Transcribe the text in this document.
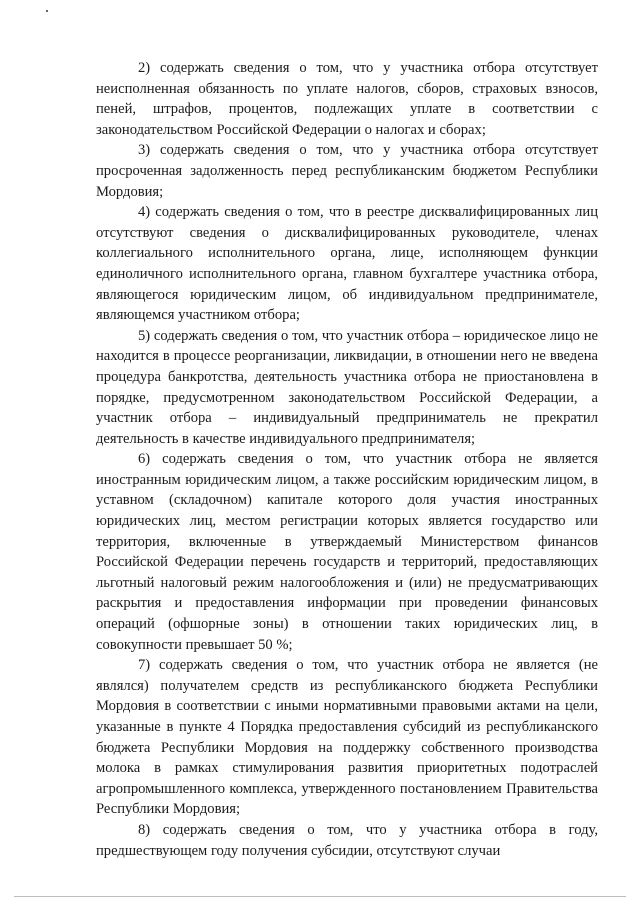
2) содержать сведения о том, что у участника отбора отсутствует неисполненная обязанность по уплате налогов, сборов, страховых взносов, пеней, штрафов, процентов, подлежащих уплате в соответствии с законодательством Российской Федерации о налогах и сборах;

3) содержать сведения о том, что у участника отбора отсутствует просроченная задолженность перед республиканским бюджетом Республики Мордовия;

4) содержать сведения о том, что в реестре дисквалифицированных лиц отсутствуют сведения о дисквалифицированных руководителе, членах коллегиального исполнительного органа, лице, исполняющем функции единоличного исполнительного органа, главном бухгалтере участника отбора, являющегося юридическим лицом, об индивидуальном предпринимателе, являющемся участником отбора;

5) содержать сведения о том, что участник отбора – юридическое лицо не находится в процессе реорганизации, ликвидации, в отношении него не введена процедура банкротства, деятельность участника отбора не приостановлена в порядке, предусмотренном законодательством Российской Федерации, а участник отбора – индивидуальный предприниматель не прекратил деятельность в качестве индивидуального предпринимателя;

6) содержать сведения о том, что участник отбора не является иностранным юридическим лицом, а также российским юридическим лицом, в уставном (складочном) капитале которого доля участия иностранных юридических лиц, местом регистрации которых является государство или территория, включенные в утверждаемый Министерством финансов Российской Федерации перечень государств и территорий, предоставляющих льготный налоговый режим налогообложения и (или) не предусматривающих раскрытия и предоставления информации при проведении финансовых операций (офшорные зоны) в отношении таких юридических лиц, в совокупности превышает 50 %;

7) содержать сведения о том, что участник отбора не является (не являлся) получателем средств из республиканского бюджета Республики Мордовия в соответствии с иными нормативными правовыми актами на цели, указанные в пункте 4 Порядка предоставления субсидий из республиканского бюджета Республики Мордовия на поддержку собственного производства молока в рамках стимулирования развития приоритетных подотраслей агропромышленного комплекса, утвержденного постановлением Правительства Республики Мордовия;

8) содержать сведения о том, что у участника отбора в году, предшествующем году получения субсидии, отсутствуют случаи
